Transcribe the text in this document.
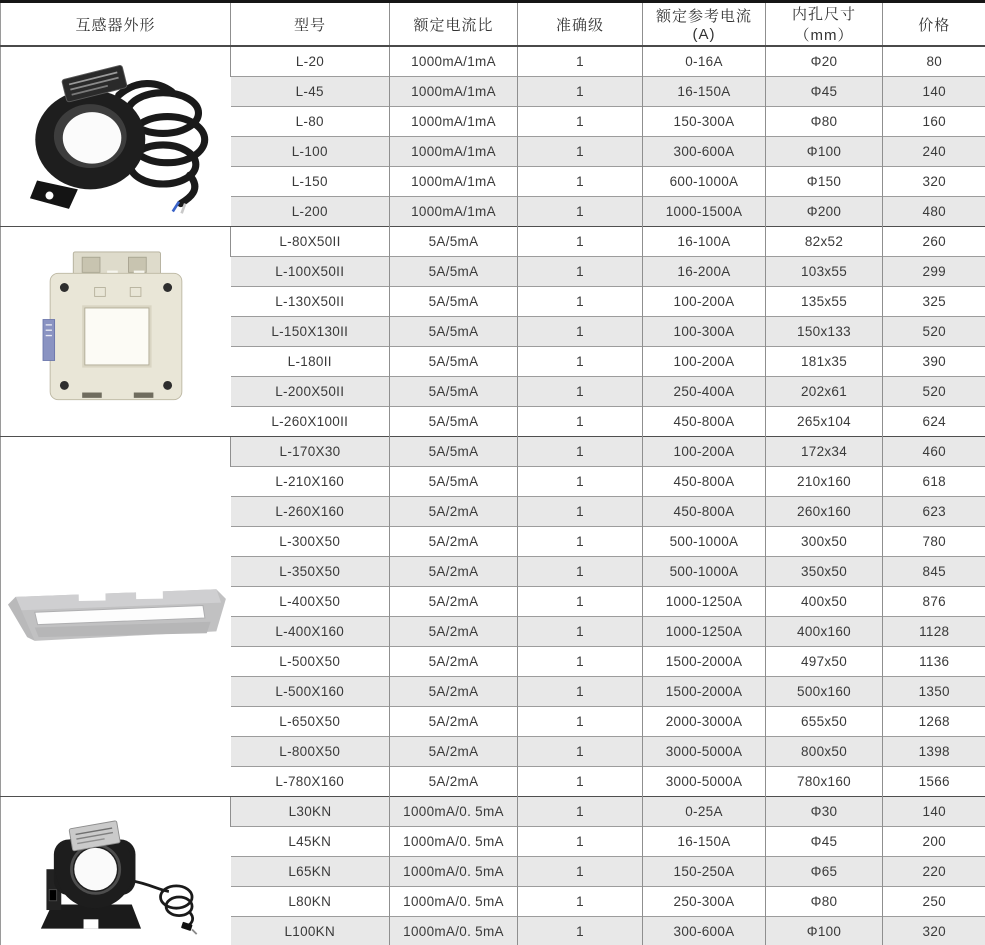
互感器外形	型号	额定电流比	准确级	额定参考电流(A)	内孔尺寸（mm）	价格

	L-20	1000mA/1mA	1	0-16A	Φ20	80
	L-45	1000mA/1mA	1	16-150A	Φ45	140
	L-80	1000mA/1mA	1	150-300A	Φ80	160
	L-100	1000mA/1mA	1	300-600A	Φ100	240
	L-150	1000mA/1mA	1	600-1000A	Φ150	320
	L-200	1000mA/1mA	1	1000-1500A	Φ200	480

	L-80X50II	5A/5mA	1	16-100A	82x52	260
	L-100X50II	5A/5mA	1	16-200A	103x55	299
	L-130X50II	5A/5mA	1	100-200A	135x55	325
	L-150X130II	5A/5mA	1	100-300A	150x133	520
	L-180II	5A/5mA	1	100-200A	181x35	390
	L-200X50II	5A/5mA	1	250-400A	202x61	520
	L-260X100II	5A/5mA	1	450-800A	265x104	624

	L-170X30	5A/5mA	1	100-200A	172x34	460
	L-210X160	5A/5mA	1	450-800A	210x160	618
	L-260X160	5A/2mA	1	450-800A	260x160	623
	L-300X50	5A/2mA	1	500-1000A	300x50	780
	L-350X50	5A/2mA	1	500-1000A	350x50	845
	L-400X50	5A/2mA	1	1000-1250A	400x50	876
	L-400X160	5A/2mA	1	1000-1250A	400x160	1128
	L-500X50	5A/2mA	1	1500-2000A	497x50	1136
	L-500X160	5A/2mA	1	1500-2000A	500x160	1350
	L-650X50	5A/2mA	1	2000-3000A	655x50	1268
	L-800X50	5A/2mA	1	3000-5000A	800x50	1398
	L-780X160	5A/2mA	1	3000-5000A	780x160	1566

	L30KN	1000mA/0. 5mA	1	0-25A	Φ30	140
	L45KN	1000mA/0. 5mA	1	16-150A	Φ45	200
	L65KN	1000mA/0. 5mA	1	150-250A	Φ65	220
	L80KN	1000mA/0. 5mA	1	250-300A	Φ80	250
	L100KN	1000mA/0. 5mA	1	300-600A	Φ100	320
